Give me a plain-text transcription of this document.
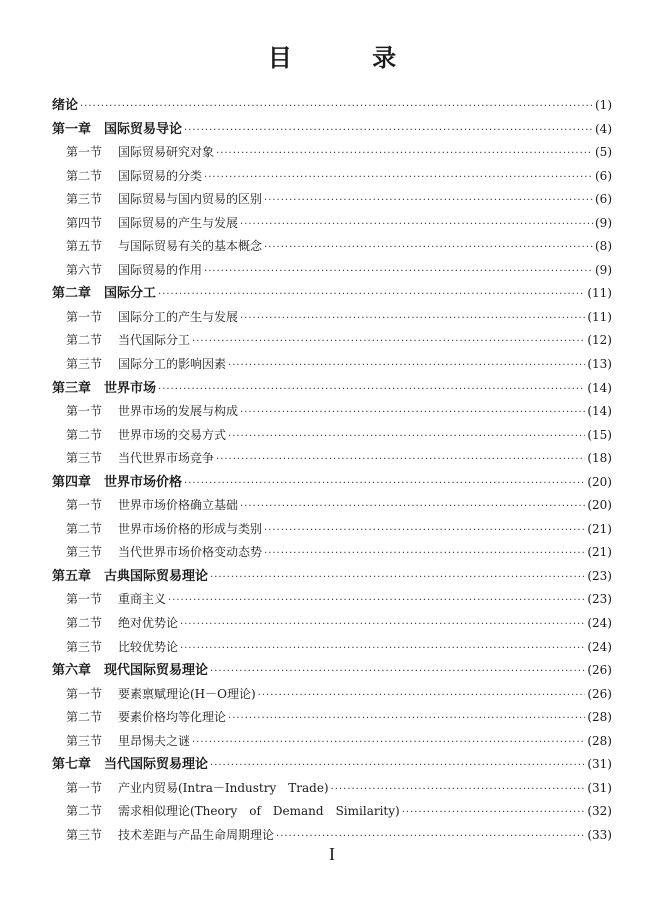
目 录
绪论 ·····	(1)
第一章 国际贸易导论 ·····	(4)
第一节	国际贸易研究对象 ·····	(5)
第二节	国际贸易的分类 ·····	(6)
第三节	国际贸易与国内贸易的区别 ·····	(6)
第四节	国际贸易的产生与发展 ·····	(9)
第五节	与国际贸易有关的基本概念 ·····	(8)
第六节	国际贸易的作用 ·····	(9)
第二章 国际分工 ·····	(11)
第一节	国际分工的产生与发展 ·····	(11)
第二节	当代国际分工 ·····	(12)
第三节	国际分工的影响因素 ·····	(13)
第三章 世界市场 ·····	(14)
第一节	世界市场的发展与构成 ·····	(14)
第二节	世界市场的交易方式 ·····	(15)
第三节	当代世界市场竞争 ·····	(18)
第四章 世界市场价格 ·····	(20)
第一节	世界市场价格确立基础 ·····	(20)
第二节	世界市场价格的形成与类别 ·····	(21)
第三节	当代世界市场价格变动态势 ·····	(21)
第五章 古典国际贸易理论 ·····	(23)
第一节	重商主义 ·····	(23)
第二节	绝对优势论 ·····	(24)
第三节	比较优势论 ·····	(24)
第六章 现代国际贸易理论 ·····	(26)
第一节	要素禀赋理论(H－O理论) ·····	(26)
第二节	要素价格均等化理论 ·····	(28)
第三节	里昂惕夫之谜 ·····	(28)
第七章 当代国际贸易理论 ·····	(31)
第一节	产业内贸易(Intra－Industry　Trade) ·····	(31)
第二节	需求相似理论(Theory　of　Demand　Similarity) ·····	(32)
第三节	技术差距与产品生命周期理论 ·····	(33)
I
